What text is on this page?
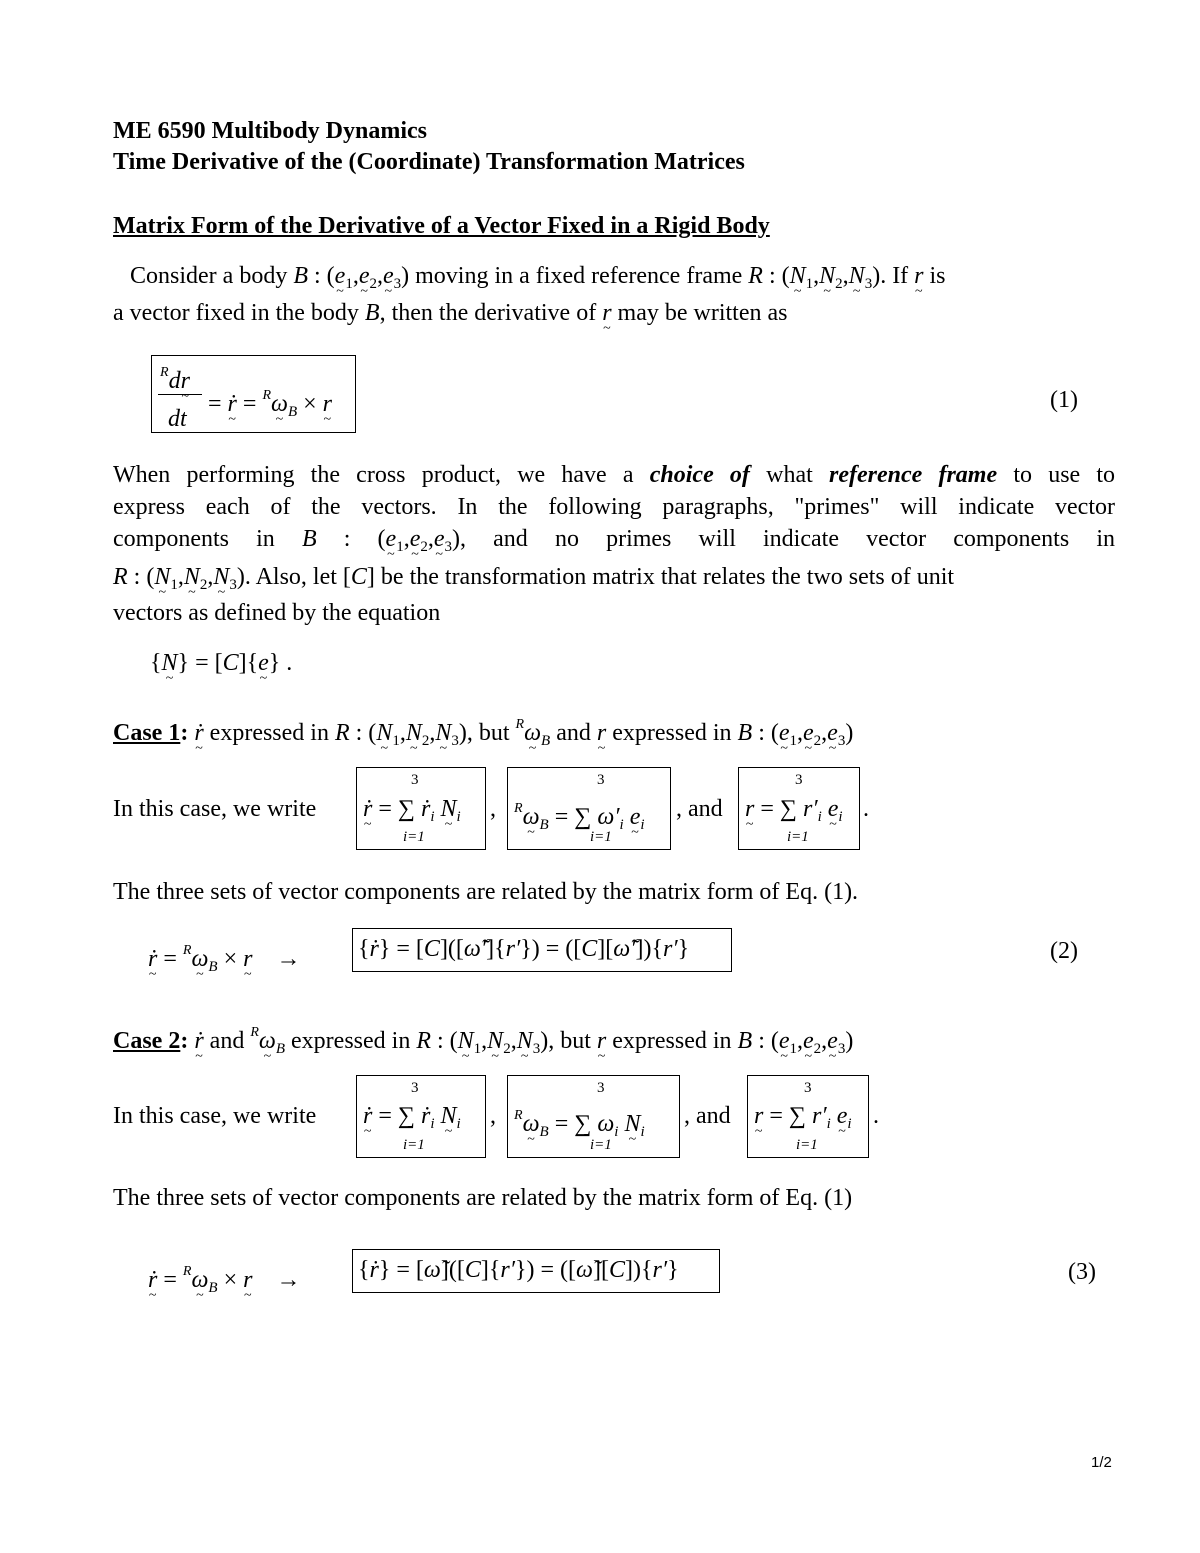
ME 6590 Multibody Dynamics
Time Derivative of the (Coordinate) Transformation Matrices
Matrix Form of the Derivative of a Vector Fixed in a Rigid Body
Consider a body B : (e $\sim_1,e$ $\sim_2,e$ $\sim_3$) moving in a fixed reference frame R : (N $\sim_1,N$ $\sim_2,N$ $\sim_3$). If r ~ is
a vector fixed in the body B, then the derivative of r ~ may be written as
$^R$dr ~
dt
= ṙ ~ = $^R$ω $\sim_B \times r$ ~	(1)
When performing the cross product, we have a choice of what reference frame to use to
express each of the vectors. In the following paragraphs, "primes" will indicate vector
components in B : (e $\sim_1,e$ $\sim_2,e$ $\sim_3$), and no primes will indicate vector components in
R : (N $\sim_1,N$ $\sim_2,N$ $\sim_3$). Also, let [C] be the transformation matrix that relates the two sets of unit
vectors as defined by the equation
{N ~} = [C]{e ~} .
Case 1: ṙ ~ expressed in R : (N $\sim_1,N$ $\sim_2,N$ $\sim_3$), but $^R$ω $\sim_B$ and r ~ expressed in B : (e $\sim_1,e$ $\sim_2,e$ $\sim_3$)
In this case, we write
3
ṙ ~ = ∑ ṙ$_i$ N $\sim_i$
i=1
,
3
$^R$ω $\sim_B$ = ∑ $\omega'_i$ e $\sim_i$
i=1
, and
3
r ~ = ∑ $r'_i$ e $\sim_i$
i=1
.
The three sets of vector components are related by the matrix form of Eq. (1).
ṙ ~ = $^R$ω $\sim_B \times r$ ~    → {ṙ} = [C]([ω̃′]{r′}) = ([C][ω̃′]){r′}	(2)
Case 2: ṙ ~ and $^R$ω $\sim_B$ expressed in R : (N $\sim_1,N$ $\sim_2,N$ $\sim_3$), but r ~ expressed in B : (e $\sim_1,e$ $\sim_2,e$ $\sim_3$)
In this case, we write
3
ṙ ~ = ∑ ṙ$_i$ N $\sim_i$
i=1
,
3
$^R$ω $\sim_B$ = ∑ $\omega_i$ N $\sim_i$
i=1
, and
3
r ~ = ∑ $r'_i$ e $\sim_i$
i=1
.
The three sets of vector components are related by the matrix form of Eq. (1)
ṙ ~ = $^R$ω $\sim_B \times r$ ~    → {ṙ} = [ω̃]([C]{r′}) = ([ω̃][C]){r′}	(3)
1/2
